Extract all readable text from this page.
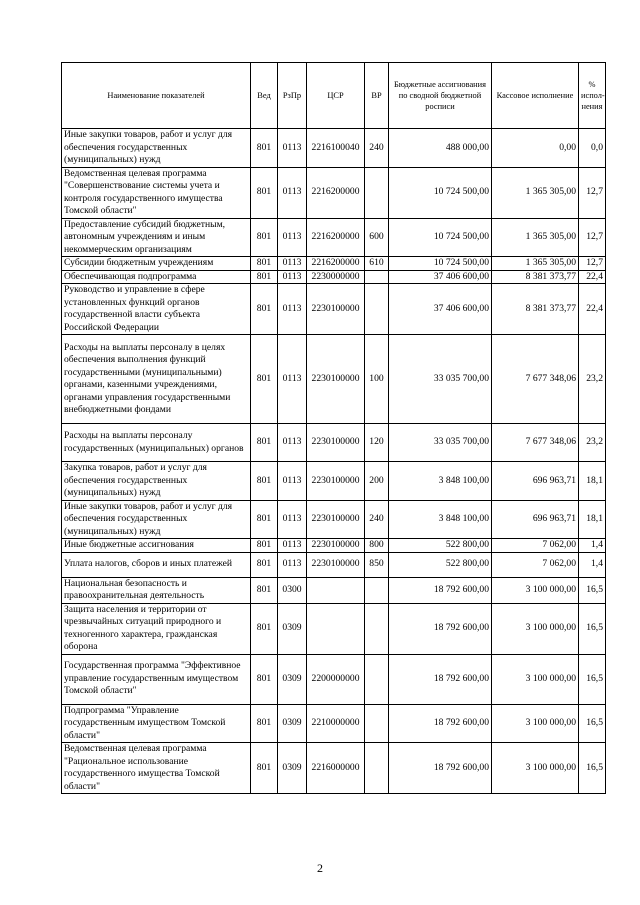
Наименование показателей	Вед	РзПр	ЦСР	ВР	Бюджетные ассигнования по сводной бюджетной росписи	Кассовое исполнение	% испол- нения
Иные закупки товаров, работ и услуг для обеспечения государственных (муниципальных) нужд	801	0113	2216100040	240	488 000,00	0,00	0,0
Ведомственная целевая программа "Совершенствование системы учета и контроля государственного имущества Томской области"	801	0113	2216200000		10 724 500,00	1 365 305,00	12,7
Предоставление субсидий бюджетным, автономным учреждениям и иным некоммерческим организациям	801	0113	2216200000	600	10 724 500,00	1 365 305,00	12,7
Субсидии бюджетным учреждениям	801	0113	2216200000	610	10 724 500,00	1 365 305,00	12,7
Обеспечивающая подпрограмма	801	0113	2230000000		37 406 600,00	8 381 373,77	22,4
Руководство и управление в сфере установленных функций органов государственной власти субъекта Российской Федерации	801	0113	2230100000		37 406 600,00	8 381 373,77	22,4
Расходы на выплаты персоналу в целях обеспечения выполнения функций государственными (муниципальными) органами, казенными учреждениями, органами управления государственными внебюджетными фондами	801	0113	2230100000	100	33 035 700,00	7 677 348,06	23,2
Расходы на выплаты персоналу государственных (муниципальных) органов	801	0113	2230100000	120	33 035 700,00	7 677 348,06	23,2
Закупка товаров, работ и услуг для обеспечения государственных (муниципальных) нужд	801	0113	2230100000	200	3 848 100,00	696 963,71	18,1
Иные закупки товаров, работ и услуг для обеспечения государственных (муниципальных) нужд	801	0113	2230100000	240	3 848 100,00	696 963,71	18,1
Иные бюджетные ассигнования	801	0113	2230100000	800	522 800,00	7 062,00	1,4
Уплата налогов, сборов и иных платежей	801	0113	2230100000	850	522 800,00	7 062,00	1,4
Национальная безопасность и правоохранительная деятельность	801	0300			18 792 600,00	3 100 000,00	16,5
Защита населения и территории от чрезвычайных ситуаций природного и техногенного характера, гражданская оборона	801	0309			18 792 600,00	3 100 000,00	16,5
Государственная программа "Эффективное управление государственным имуществом Томской области"	801	0309	2200000000		18 792 600,00	3 100 000,00	16,5
Подпрограмма "Управление государственным имуществом Томской области"	801	0309	2210000000		18 792 600,00	3 100 000,00	16,5
Ведомственная целевая программа "Рациональное использование государственного имущества Томской области"	801	0309	2216000000		18 792 600,00	3 100 000,00	16,5
2
